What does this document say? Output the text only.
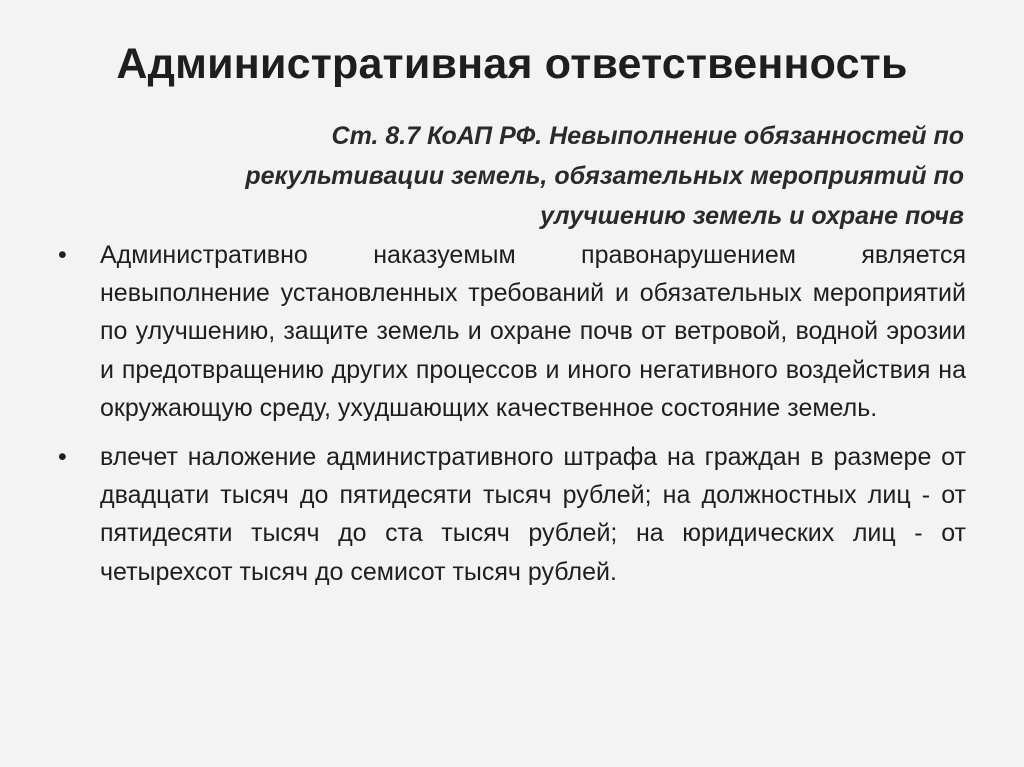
Административная ответственность
Ст. 8.7 КоАП РФ. Невыполнение обязанностей по
рекультивации земель, обязательных мероприятий по
улучшению земель и охране почв
•	Административно наказуемым правонарушением является невыполнение установленных требований и обязательных мероприятий по улучшению, защите земель и охране почв от ветровой, водной эрозии и предотвращению других процессов и иного негативного воздействия на окружающую среду, ухудшающих качественное состояние земель.
•	влечет наложение административного штрафа на граждан в размере от двадцати тысяч до пятидесяти тысяч рублей; на должностных лиц - от пятидесяти тысяч до ста тысяч рублей; на юридических лиц - от четырехсот тысяч до семисот тысяч рублей.
